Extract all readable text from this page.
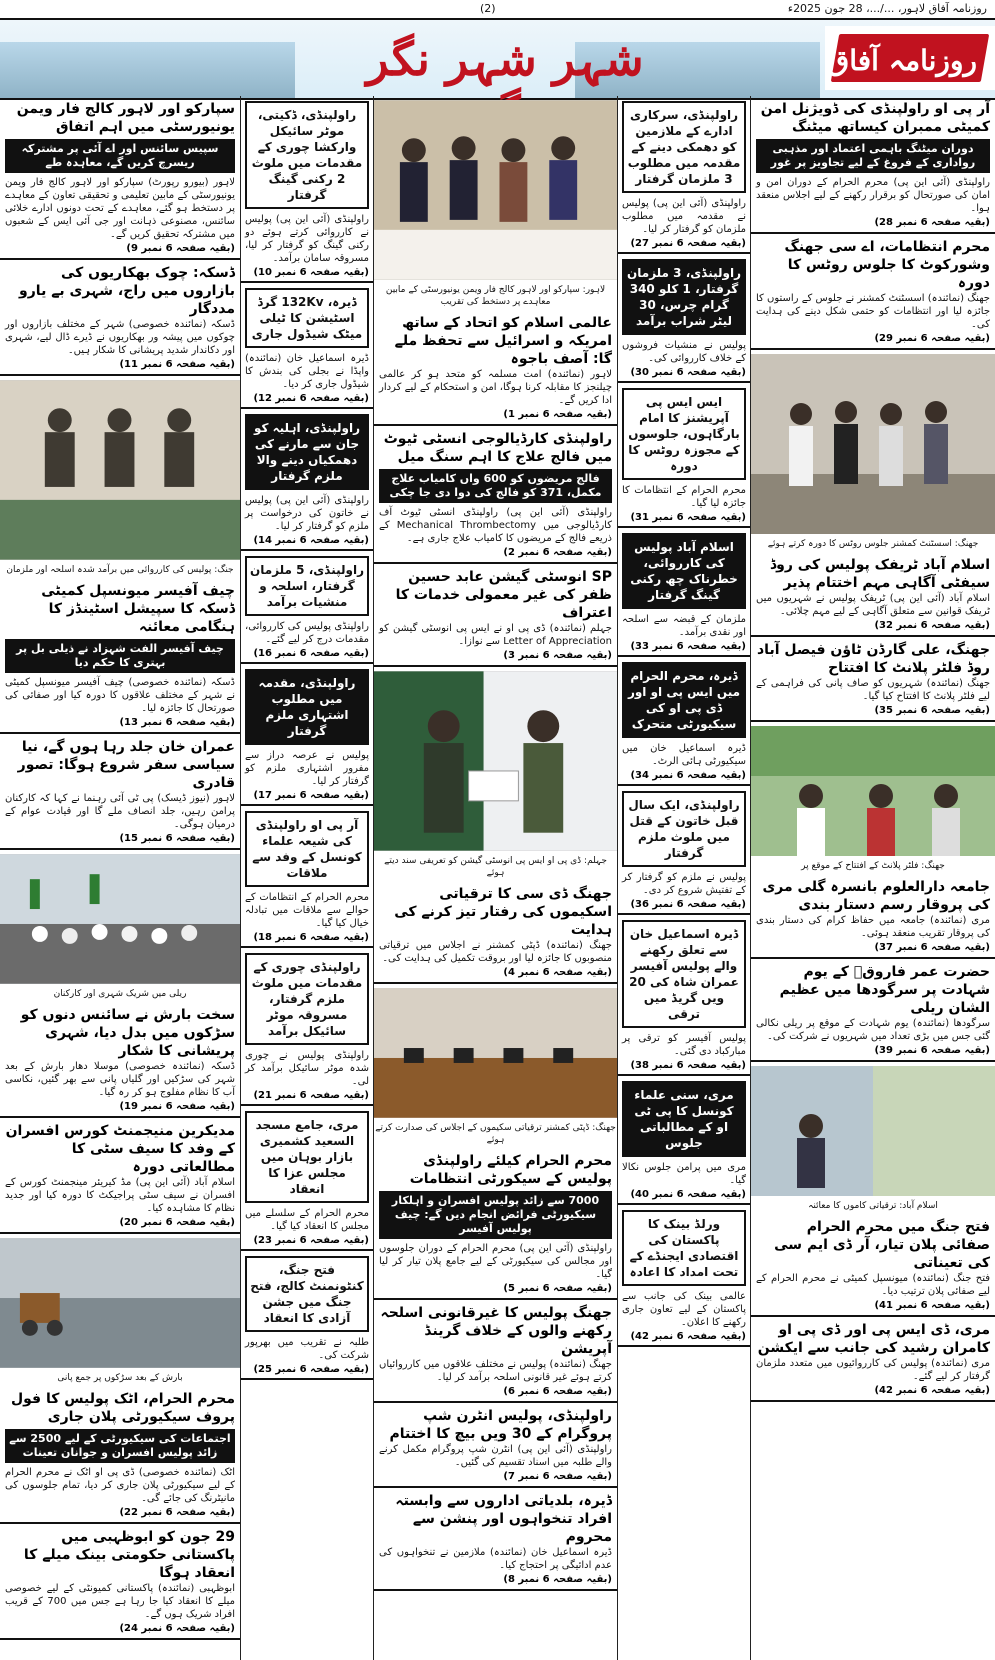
(2)	روزنامہ آفاق لاہور، .../...، 28 جون 2025ء
شہر شہر نگر	روزنامہ آفاق

سپارکو اور لاہور کالج فار ویمن یونیورسٹی میں اہم اتفاق

سپیس سائنس اور اے آئی پر مشترکہ ریسرچ کریں گے، معاہدہ طے

لاہور (بیورو رپورٹ) سپارکو اور لاہور کالج فار ویمن یونیورسٹی کے مابین تعلیمی و تحقیقی تعاون کے معاہدے پر دستخط ہو گئے، معاہدے کے تحت دونوں ادارے خلائی سائنس، مصنوعی ذہانت اور جی آئی ایس کے شعبوں میں مشترکہ تحقیق کریں گے۔

(بقیہ صفحہ 6 نمبر 9)

ڈسکہ: چوک بھکاریوں کی بازاروں میں راج، شہری بے یارو مددگار

ڈسکہ (نمائندہ خصوصی) شہر کے مختلف بازاروں اور چوکوں میں پیشہ ور بھکاریوں نے ڈیرے ڈال لیے، شہری اور دکاندار شدید پریشانی کا شکار ہیں۔

(بقیہ صفحہ 6 نمبر 11)
جنگ: پولیس کی کارروائی میں برآمد شدہ اسلحہ اور ملزمان

چیف آفیسر میونسپل کمیٹی ڈسکہ کا سپیشل اسٹینڈز کا ہنگامی معائنہ

چیف آفیسر الفت شہزاد نے ذیلی بل پر بہتری کا حکم دیا

ڈسکہ (نمائندہ خصوصی) چیف آفیسر میونسپل کمیٹی نے شہر کے مختلف علاقوں کا دورہ کیا اور صفائی کی صورتحال کا جائزہ لیا۔

(بقیہ صفحہ 6 نمبر 13)

عمران خان جلد رہا ہوں گے، نیا سیاسی سفر شروع ہوگا: تصور قادری

لاہور (نیوز ڈیسک) پی ٹی آئی رہنما نے کہا کہ کارکنان پرامن رہیں، جلد انصاف ملے گا اور قیادت عوام کے درمیان ہوگی۔

(بقیہ صفحہ 6 نمبر 15)
ریلی میں شریک شہری اور کارکنان

سخت بارش نے سائنس دنوں کو سڑکوں میں بدل دیا، شہری پریشانی کا شکار

ڈسکہ (نمائندہ خصوصی) موسلا دھار بارش کے بعد شہر کی سڑکیں اور گلیاں پانی سے بھر گئیں، نکاسی آب کا نظام مفلوج ہو کر رہ گیا۔

(بقیہ صفحہ 6 نمبر 19)

مدیکرین منیجمنٹ کورس افسران کے وفد کا سیف سٹی کا مطالعاتی دورہ

اسلام آباد (آئی این پی) مڈ کیریئر مینجمنٹ کورس کے افسران نے سیف سٹی پراجیکٹ کا دورہ کیا اور جدید نظام کا مشاہدہ کیا۔

(بقیہ صفحہ 6 نمبر 20)
بارش کے بعد سڑکوں پر جمع پانی

محرم الحرام، اٹک پولیس کا فول پروف سیکیورٹی پلان جاری

اجتماعات کی سیکیورٹی کے لیے 2500 سے زائد پولیس افسران و جوانان تعینات

اٹک (نمائندہ خصوصی) ڈی پی او اٹک نے محرم الحرام کے لیے سیکیورٹی پلان جاری کر دیا، تمام جلوسوں کی مانیٹرنگ کی جائے گی۔

(بقیہ صفحہ 6 نمبر 22)

29 جون کو ابوظہبی میں پاکستانی حکومتی بینک میلے کا انعقاد ہوگا

ابوظہبی (نمائندہ) پاکستانی کمیونٹی کے لیے خصوصی میلے کا انعقاد کیا جا رہا ہے جس میں 700 کے قریب افراد شریک ہوں گے۔

(بقیہ صفحہ 6 نمبر 24)
راولپنڈی، ڈکیتی، موٹر سائیکل وارکشا چوری کے مقدمات میں ملوث 2 رکنی گینگ گرفتار

راولپنڈی (آئی این پی) پولیس نے کارروائی کرتے ہوئے دو رکنی گینگ کو گرفتار کر لیا، مسروقہ سامان برآمد۔

(بقیہ صفحہ 6 نمبر 10)
ڈیرہ، 132Kv گرڈ اسٹیشن کا ٹیلی میٹک شیڈول جاری

ڈیرہ اسماعیل خان (نمائندہ) واپڈا نے بجلی کی بندش کا شیڈول جاری کر دیا۔

(بقیہ صفحہ 6 نمبر 12)
راولپنڈی، اہلیہ کو جان سے مارنے کی دھمکیاں دینے والا ملزم گرفتار

راولپنڈی (آئی این پی) پولیس نے خاتون کی درخواست پر ملزم کو گرفتار کر لیا۔

(بقیہ صفحہ 6 نمبر 14)
راولپنڈی، 5 ملزمان گرفتار، اسلحہ و منشیات برآمد

راولپنڈی پولیس کی کارروائی، مقدمات درج کر لیے گئے۔

(بقیہ صفحہ 6 نمبر 16)
راولپنڈی، مقدمہ میں مطلوب اشتہاری ملزم گرفتار

پولیس نے عرصہ دراز سے مفرور اشتہاری ملزم کو گرفتار کر لیا۔

(بقیہ صفحہ 6 نمبر 17)
آر پی او راولپنڈی کی شیعہ علماء کونسل کے وفد سے ملاقات

محرم الحرام کے انتظامات کے حوالے سے ملاقات میں تبادلہ خیال کیا گیا۔

(بقیہ صفحہ 6 نمبر 18)
راولپنڈی چوری کے مقدمات میں ملوث ملزم گرفتار، مسروقہ موٹر سائیکل برآمد

راولپنڈی پولیس نے چوری شدہ موٹر سائیکل برآمد کر لی۔

(بقیہ صفحہ 6 نمبر 21)
مری، جامع مسجد السعید کشمیری بازار بوہان میں مجلس عزا کا انعقاد

محرم الحرام کے سلسلے میں مجلس کا انعقاد کیا گیا۔

(بقیہ صفحہ 6 نمبر 23)
فتح جنگ، کنٹونمنٹ کالج، فتح جنگ میں جشن آزادی کا انعقاد

طلبہ نے تقریب میں بھرپور شرکت کی۔

(بقیہ صفحہ 6 نمبر 25)
لاہور: سپارکو اور لاہور کالج فار ویمن یونیورسٹی کے مابین معاہدے پر دستخط کی تقریب

عالمی اسلام کو اتحاد کے ساتھ امریکہ و اسرائیل سے تحفظ ملے گا: آصف باجوہ

لاہور (نمائندہ) امت مسلمہ کو متحد ہو کر عالمی چیلنجز کا مقابلہ کرنا ہوگا، امن و استحکام کے لیے کردار ادا کریں گے۔

(بقیہ صفحہ 6 نمبر 1)

راولپنڈی کارڈیالوجی انسٹی ٹیوٹ میں فالج علاج کا اہم سنگ میل

فالج مریضوں کو 600 واں کامیاب علاج مکمل، 371 کو فالج کی دوا دی جا چکی

راولپنڈی (آئی این پی) راولپنڈی انسٹی ٹیوٹ آف کارڈیالوجی میں Mechanical Thrombectomy کے ذریعے فالج کے مریضوں کا کامیاب علاج جاری ہے۔

(بقیہ صفحہ 6 نمبر 2)

SP انوسٹی گیشن عابد حسین ظفر کی غیر معمولی خدمات کا اعتراف

جہلم (نمائندہ) ڈی پی او نے ایس پی انوسٹی گیشن کو Letter of Appreciation سے نوازا۔

(بقیہ صفحہ 6 نمبر 3)
جہلم: ڈی پی او ایس پی انوسٹی گیشن کو تعریفی سند دیتے ہوئے

جھنگ ڈی سی کا ترقیاتی اسکیموں کی رفتار تیز کرنے کی ہدایت

جھنگ (نمائندہ) ڈپٹی کمشنر نے اجلاس میں ترقیاتی منصوبوں کا جائزہ لیا اور بروقت تکمیل کی ہدایت کی۔

(بقیہ صفحہ 6 نمبر 4)
جھنگ: ڈپٹی کمشنر ترقیاتی سکیموں کے اجلاس کی صدارت کرتے ہوئے

محرم الحرام کیلئے راولپنڈی پولیس کے سیکورٹی انتظامات

7000 سے زائد پولیس افسران و اہلکار سیکیورٹی فرائض انجام دیں گے: چیف پولیس آفیسر

راولپنڈی (آئی این پی) محرم الحرام کے دوران جلوسوں اور مجالس کی سیکیورٹی کے لیے جامع پلان تیار کر لیا گیا۔

(بقیہ صفحہ 6 نمبر 5)

جھنگ پولیس کا غیرقانونی اسلحہ رکھنے والوں کے خلاف گرینڈ آپریشن

جھنگ (نمائندہ) پولیس نے مختلف علاقوں میں کارروائیاں کرتے ہوئے غیر قانونی اسلحہ برآمد کر لیا۔

(بقیہ صفحہ 6 نمبر 6)

راولپنڈی، پولیس انٹرن شپ پروگرام کے 30 ویں بیچ کا اختتام

راولپنڈی (آئی این پی) انٹرن شپ پروگرام مکمل کرنے والے طلبہ میں اسناد تقسیم کی گئیں۔

(بقیہ صفحہ 6 نمبر 7)

ڈیرہ، بلدیاتی اداروں سے وابستہ افراد تنخواہوں اور پنشن سے محروم

ڈیرہ اسماعیل خان (نمائندہ) ملازمین نے تنخواہوں کی عدم ادائیگی پر احتجاج کیا۔

(بقیہ صفحہ 6 نمبر 8)
راولپنڈی، سرکاری ادارے کے ملازمین کو دھمکی دینے کے مقدمہ میں مطلوب 3 ملزمان گرفتار

راولپنڈی (آئی این پی) پولیس نے مقدمہ میں مطلوب ملزمان کو گرفتار کر لیا۔

(بقیہ صفحہ 6 نمبر 27)
راولپنڈی، 3 ملزمان گرفتار، 1 کلو 340 گرام چرس، 30 لیٹر شراب برآمد

پولیس نے منشیات فروشوں کے خلاف کارروائی کی۔

(بقیہ صفحہ 6 نمبر 30)
ایس ایس پی آپریشنز کا امام بارگاہوں، جلوسوں کے مجوزہ روٹس کا دورہ

محرم الحرام کے انتظامات کا جائزہ لیا گیا۔

(بقیہ صفحہ 6 نمبر 31)
اسلام آباد پولیس کی کارروائی، خطرناک چھ رکنی گینگ گرفتار

ملزمان کے قبضہ سے اسلحہ اور نقدی برآمد۔

(بقیہ صفحہ 6 نمبر 33)
ڈیرہ، محرم الحرام میں ایس پی او اور ڈی پی او کی سیکیورٹی متحرک

ڈیرہ اسماعیل خان میں سیکیورٹی ہائی الرٹ۔

(بقیہ صفحہ 6 نمبر 34)
راولپنڈی، ایک سال قبل خاتون کے قتل میں ملوث ملزم گرفتار

پولیس نے ملزم کو گرفتار کر کے تفتیش شروع کر دی۔

(بقیہ صفحہ 6 نمبر 36)
ڈیرہ اسماعیل خان سے تعلق رکھنے والے پولیس آفیسر عمران شاہ کی 20 ویں گریڈ میں ترقی

پولیس آفیسر کو ترقی پر مبارکباد دی گئی۔

(بقیہ صفحہ 6 نمبر 38)
مری، سنی علماء کونسل کا پی ٹی او کے مطالباتی جلوس

مری میں پرامن جلوس نکالا گیا۔

(بقیہ صفحہ 6 نمبر 40)
ورلڈ بینک کا پاکستان کی اقتصادی ایجنڈے کے تحت امداد کا اعادہ

عالمی بینک کی جانب سے پاکستان کے لیے تعاون جاری رکھنے کا اعلان۔

(بقیہ صفحہ 6 نمبر 42)

آر پی او راولپنڈی کی ڈویژنل امن کمیٹی ممبران کیساتھ میٹنگ

دوران میٹنگ باہمی اعتماد اور مذہبی رواداری کے فروغ کے لیے تجاویز پر غور

راولپنڈی (آئی این پی) محرم الحرام کے دوران امن و امان کی صورتحال کو برقرار رکھنے کے لیے اجلاس منعقد ہوا۔

(بقیہ صفحہ 6 نمبر 28)

محرم انتظامات، اے سی جھنگ وشورکوٹ کا جلوس روٹس کا دورہ

جھنگ (نمائندہ) اسسٹنٹ کمشنر نے جلوس کے راستوں کا جائزہ لیا اور انتظامات کو حتمی شکل دینے کی ہدایت کی۔

(بقیہ صفحہ 6 نمبر 29)
جھنگ: اسسٹنٹ کمشنر جلوس روٹس کا دورہ کرتے ہوئے

اسلام آباد ٹریفک پولیس کی روڈ سیفٹی آگاہی مہم اختتام پذیر

اسلام آباد (آئی این پی) ٹریفک پولیس نے شہریوں میں ٹریفک قوانین سے متعلق آگاہی کے لیے مہم چلائی۔

(بقیہ صفحہ 6 نمبر 32)

جھنگ، علی گارڈن ٹاؤن فیصل آباد روڈ فلٹر پلانٹ کا افتتاح

جھنگ (نمائندہ) شہریوں کو صاف پانی کی فراہمی کے لیے فلٹر پلانٹ کا افتتاح کیا گیا۔

(بقیہ صفحہ 6 نمبر 35)
جھنگ: فلٹر پلانٹ کے افتتاح کے موقع پر

جامعہ دارالعلوم بانسرہ گلی مری کی پروقار رسم دستار بندی

مری (نمائندہ) جامعہ میں حفاظ کرام کی دستار بندی کی پروقار تقریب منعقد ہوئی۔

(بقیہ صفحہ 6 نمبر 37)

حضرت عمر فاروقؓ کے یوم شہادت پر سرگودھا میں عظیم الشان ریلی

سرگودھا (نمائندہ) یوم شہادت کے موقع پر ریلی نکالی گئی جس میں بڑی تعداد میں شہریوں نے شرکت کی۔

(بقیہ صفحہ 6 نمبر 39)
اسلام آباد: ترقیاتی کاموں کا معائنہ

فتح جنگ میں محرم الحرام صفائی پلان تیار، آر ڈی ایم سی کی تعیناتی

فتح جنگ (نمائندہ) میونسپل کمیٹی نے محرم الحرام کے لیے صفائی پلان ترتیب دیا۔

(بقیہ صفحہ 6 نمبر 41)

مری، ڈی ایس پی اور ڈی پی او کامران رشید کی جانب سے ایکشن

مری (نمائندہ) پولیس کی کارروائیوں میں متعدد ملزمان گرفتار کر لیے گئے۔

(بقیہ صفحہ 6 نمبر 42)
